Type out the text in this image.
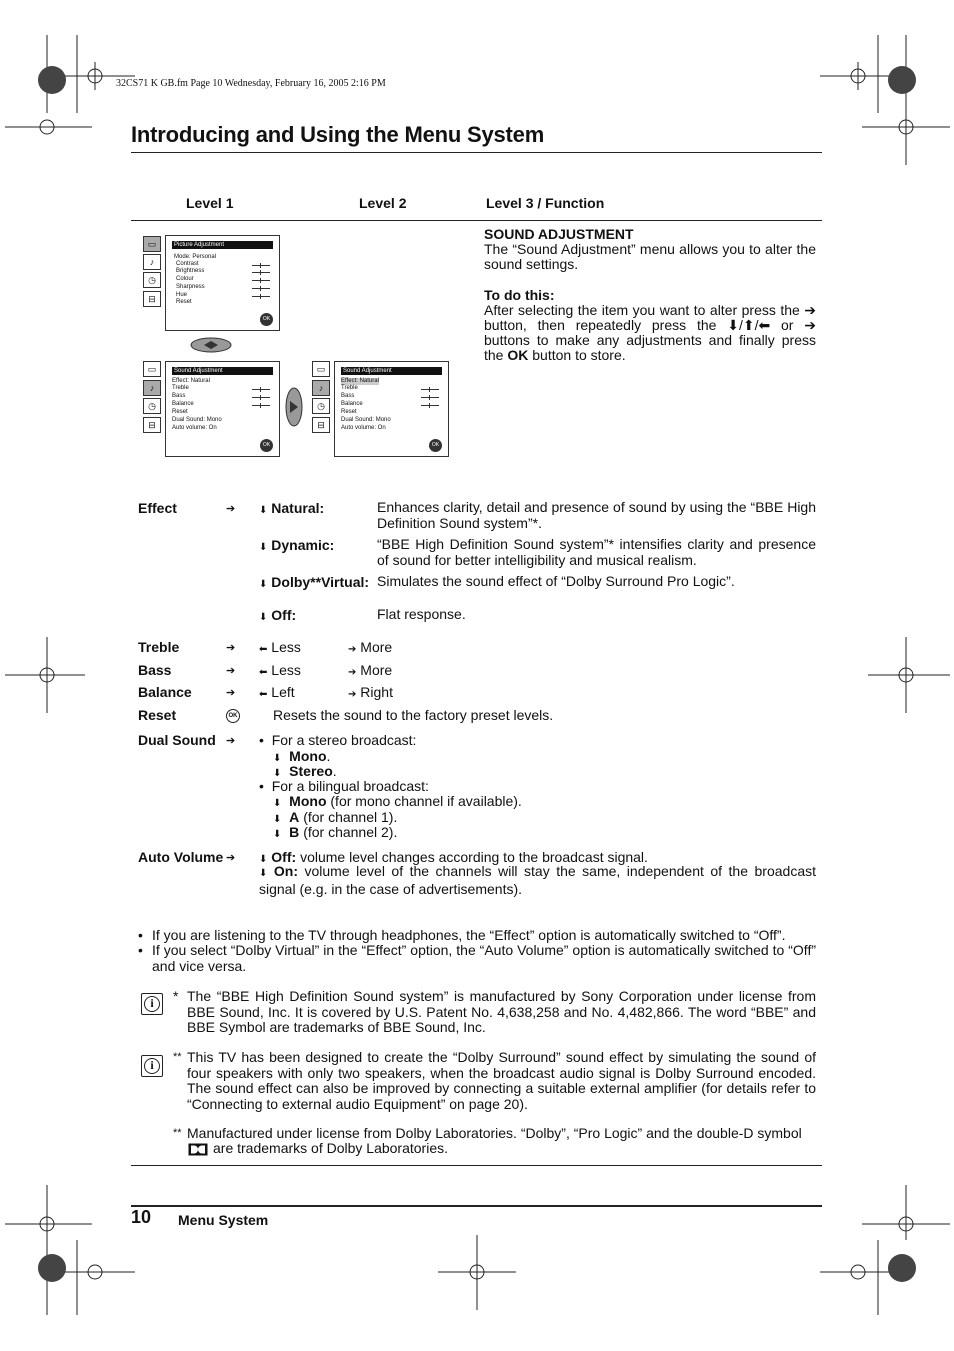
32CS71 K GB.fm Page 10 Wednesday, February 16, 2005 2:16 PM
Introducing and Using the Menu System
Level 1	Level 2	Level 3 / Function
▭
♪
◷
⊟
Picture Adjustment
Mode: Personal
Contrast
Brightness
Colour
Sharpness
Hue
Reset
OK
▭
♪
◷
⊟
Sound Adjustment
Effect: Natural
Treble
Bass
Balance
Reset
Dual Sound: Mono
Auto volume: On
OK
▭
♪
◷
⊟
Sound Adjustment
Effect: Natural
Treble
Bass
Balance
Reset
Dual Sound: Mono
Auto volume: On
OK
SOUND ADJUSTMENT
The “Sound Adjustment” menu allows you to alter the sound settings.
To do this:
After selecting the item you want to alter press the ➔ button, then repeatedly press the ⬇/⬆/⬅ or ➔ buttons to make any adjustments and finally press the OK button to store.
Effect	➔ ⬇ Natural:	Enhances clarity, detail and presence of sound by using the “BBE High Definition Sound system”*.
⬇ Dynamic:	“BBE High Definition Sound system”* intensifies clarity and presence of sound for better intelligibility and musical realism.
⬇ Dolby**Virtual: Simulates the sound effect of “Dolby Surround Pro Logic”.
⬇ Off:	Flat response.
Treble	➔ ⬅ Less	➔ More
Bass	➔ ⬅ Less	➔ More
Balance	➔ ⬅ Left	➔ Right
Reset	OK	Resets the sound to the factory preset levels.
Dual Sound ➔ •  For a stereo broadcast:
⬇ Mono.
⬇ Stereo.
•  For a bilingual broadcast:
⬇ Mono (for mono channel if available).
⬇ A (for channel 1).
⬇ B (for channel 2).
Auto Volume ➔ ⬇ Off: volume level changes according to the broadcast signal.
⬇ On: volume level of the channels will stay the same, independent of the broadcast signal (e.g. in the case of advertisements).
• If you are listening to the TV through headphones, the “Effect” option is automatically switched to “Off”.
• If you select “Dolby Virtual” in the “Effect” option, the “Auto Volume” option is automatically switched to “Off” and vice versa.
i	* The “BBE High Definition Sound system” is manufactured by Sony Corporation under license from BBE Sound, Inc. It is covered by U.S. Patent No. 4,638,258 and No. 4,482,866. The word “BBE” and BBE Symbol are trademarks of BBE Sound, Inc.
i
** This TV has been designed to create the “Dolby Surround” sound effect by simulating the sound of four speakers with only two speakers, when the broadcast audio signal is Dolby Surround encoded. The sound effect can also be improved by connecting a suitable external amplifier (for details refer to “Connecting to external audio Equipment” on page 20).
** Manufactured under license from Dolby Laboratories. “Dolby”, “Pro Logic” and the double-D symbol
are trademarks of Dolby Laboratories.
10 Menu System
